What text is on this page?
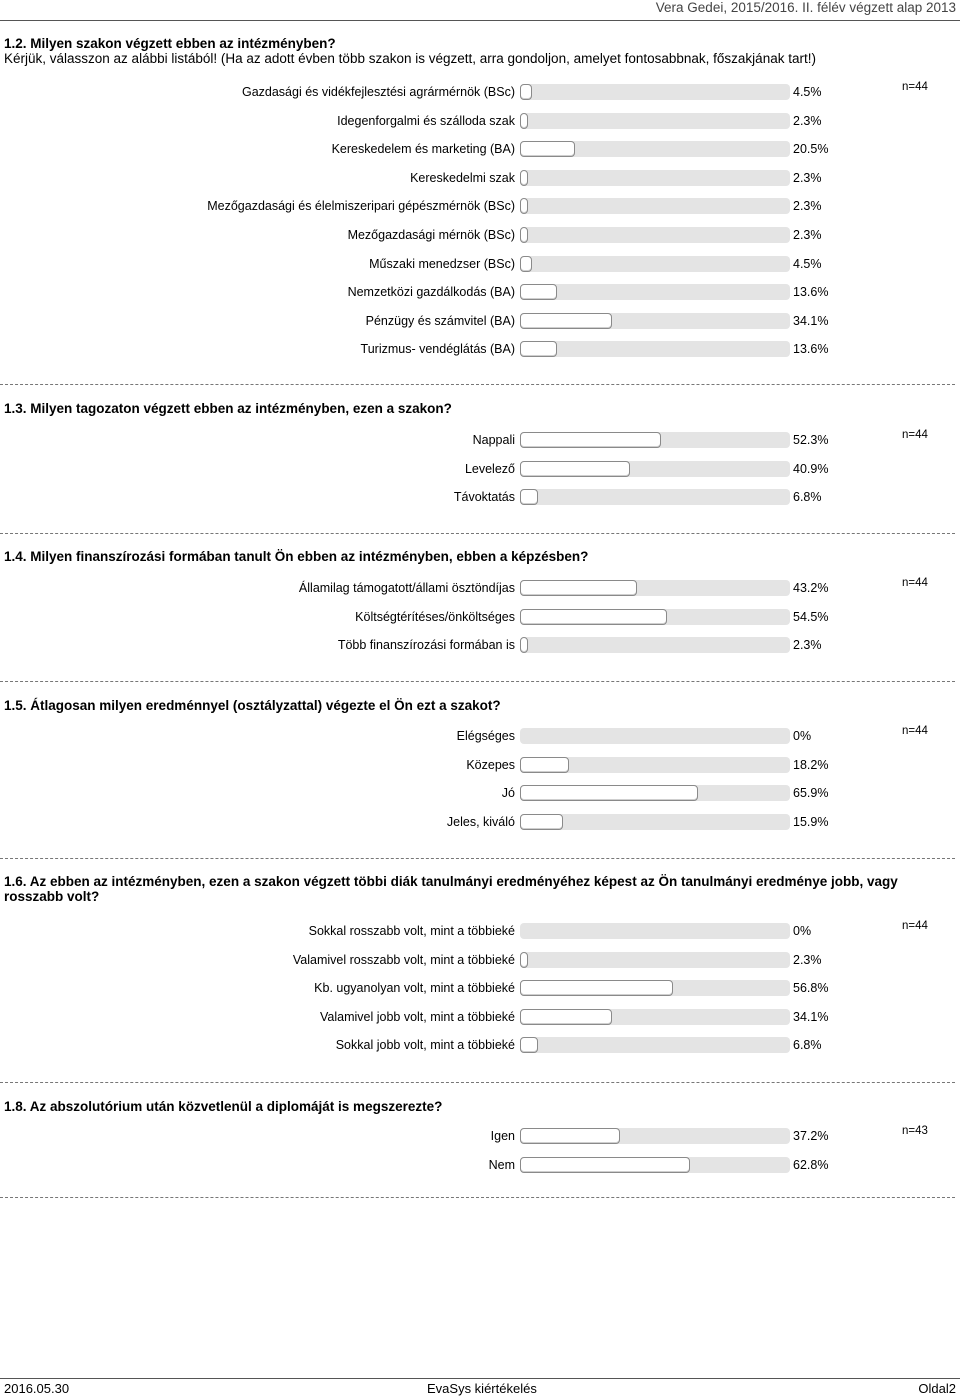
Vera Gedei, 2015/2016. II. félév végzett alap 2013
1.2. Milyen szakon végzett ebben az intézményben?
Kérjük, válasszon az alábbi listából! (Ha az adott évben több szakon is végzett, arra gondoljon, amelyet fontosabbnak, főszakjának tart!)
n=44
Gazdasági és vidékfejlesztési agrármérnök (BSc)	4.5%
Idegenforgalmi és szálloda szak	2.3%
Kereskedelem és marketing (BA)	20.5%
Kereskedelmi szak	2.3%
Mezőgazdasági és élelmiszeripari gépészmérnök (BSc)	2.3%
Mezőgazdasági mérnök (BSc)	2.3%
Műszaki menedzser (BSc)	4.5%
Nemzetközi gazdálkodás (BA)	13.6%
Pénzügy és számvitel (BA)	34.1%
Turizmus- vendéglátás (BA)	13.6%
1.3. Milyen tagozaton végzett ebben az intézményben, ezen a szakon?
n=44
Nappali	52.3%
Levelező	40.9%
Távoktatás	6.8%
1.4. Milyen finanszírozási formában tanult Ön ebben az intézményben, ebben a képzésben?
n=44
Államilag támogatott/állami ösztöndíjas	43.2%
Költségtérítéses/önköltséges	54.5%
Több finanszírozási formában is	2.3%
1.5. Átlagosan milyen eredménnyel (osztályzattal) végezte el Ön ezt a szakot?
n=44
Elégséges	0%
Közepes	18.2%
Jó	65.9%
Jeles, kiváló	15.9%
1.6. Az ebben az intézményben, ezen a szakon végzett többi diák tanulmányi eredményéhez képest az Ön tanulmányi eredménye jobb, vagy rosszabb volt?
n=44
Sokkal rosszabb volt, mint a többieké	0%
Valamivel rosszabb volt, mint a többieké	2.3%
Kb. ugyanolyan volt, mint a többieké	56.8%
Valamivel jobb volt, mint a többieké	34.1%
Sokkal jobb volt, mint a többieké	6.8%
1.8. Az abszolutórium után közvetlenül a diplomáját is megszerezte?
n=43
Igen	37.2%
Nem	62.8%
2016.05.30	EvaSys kiértékelés	Oldal2
